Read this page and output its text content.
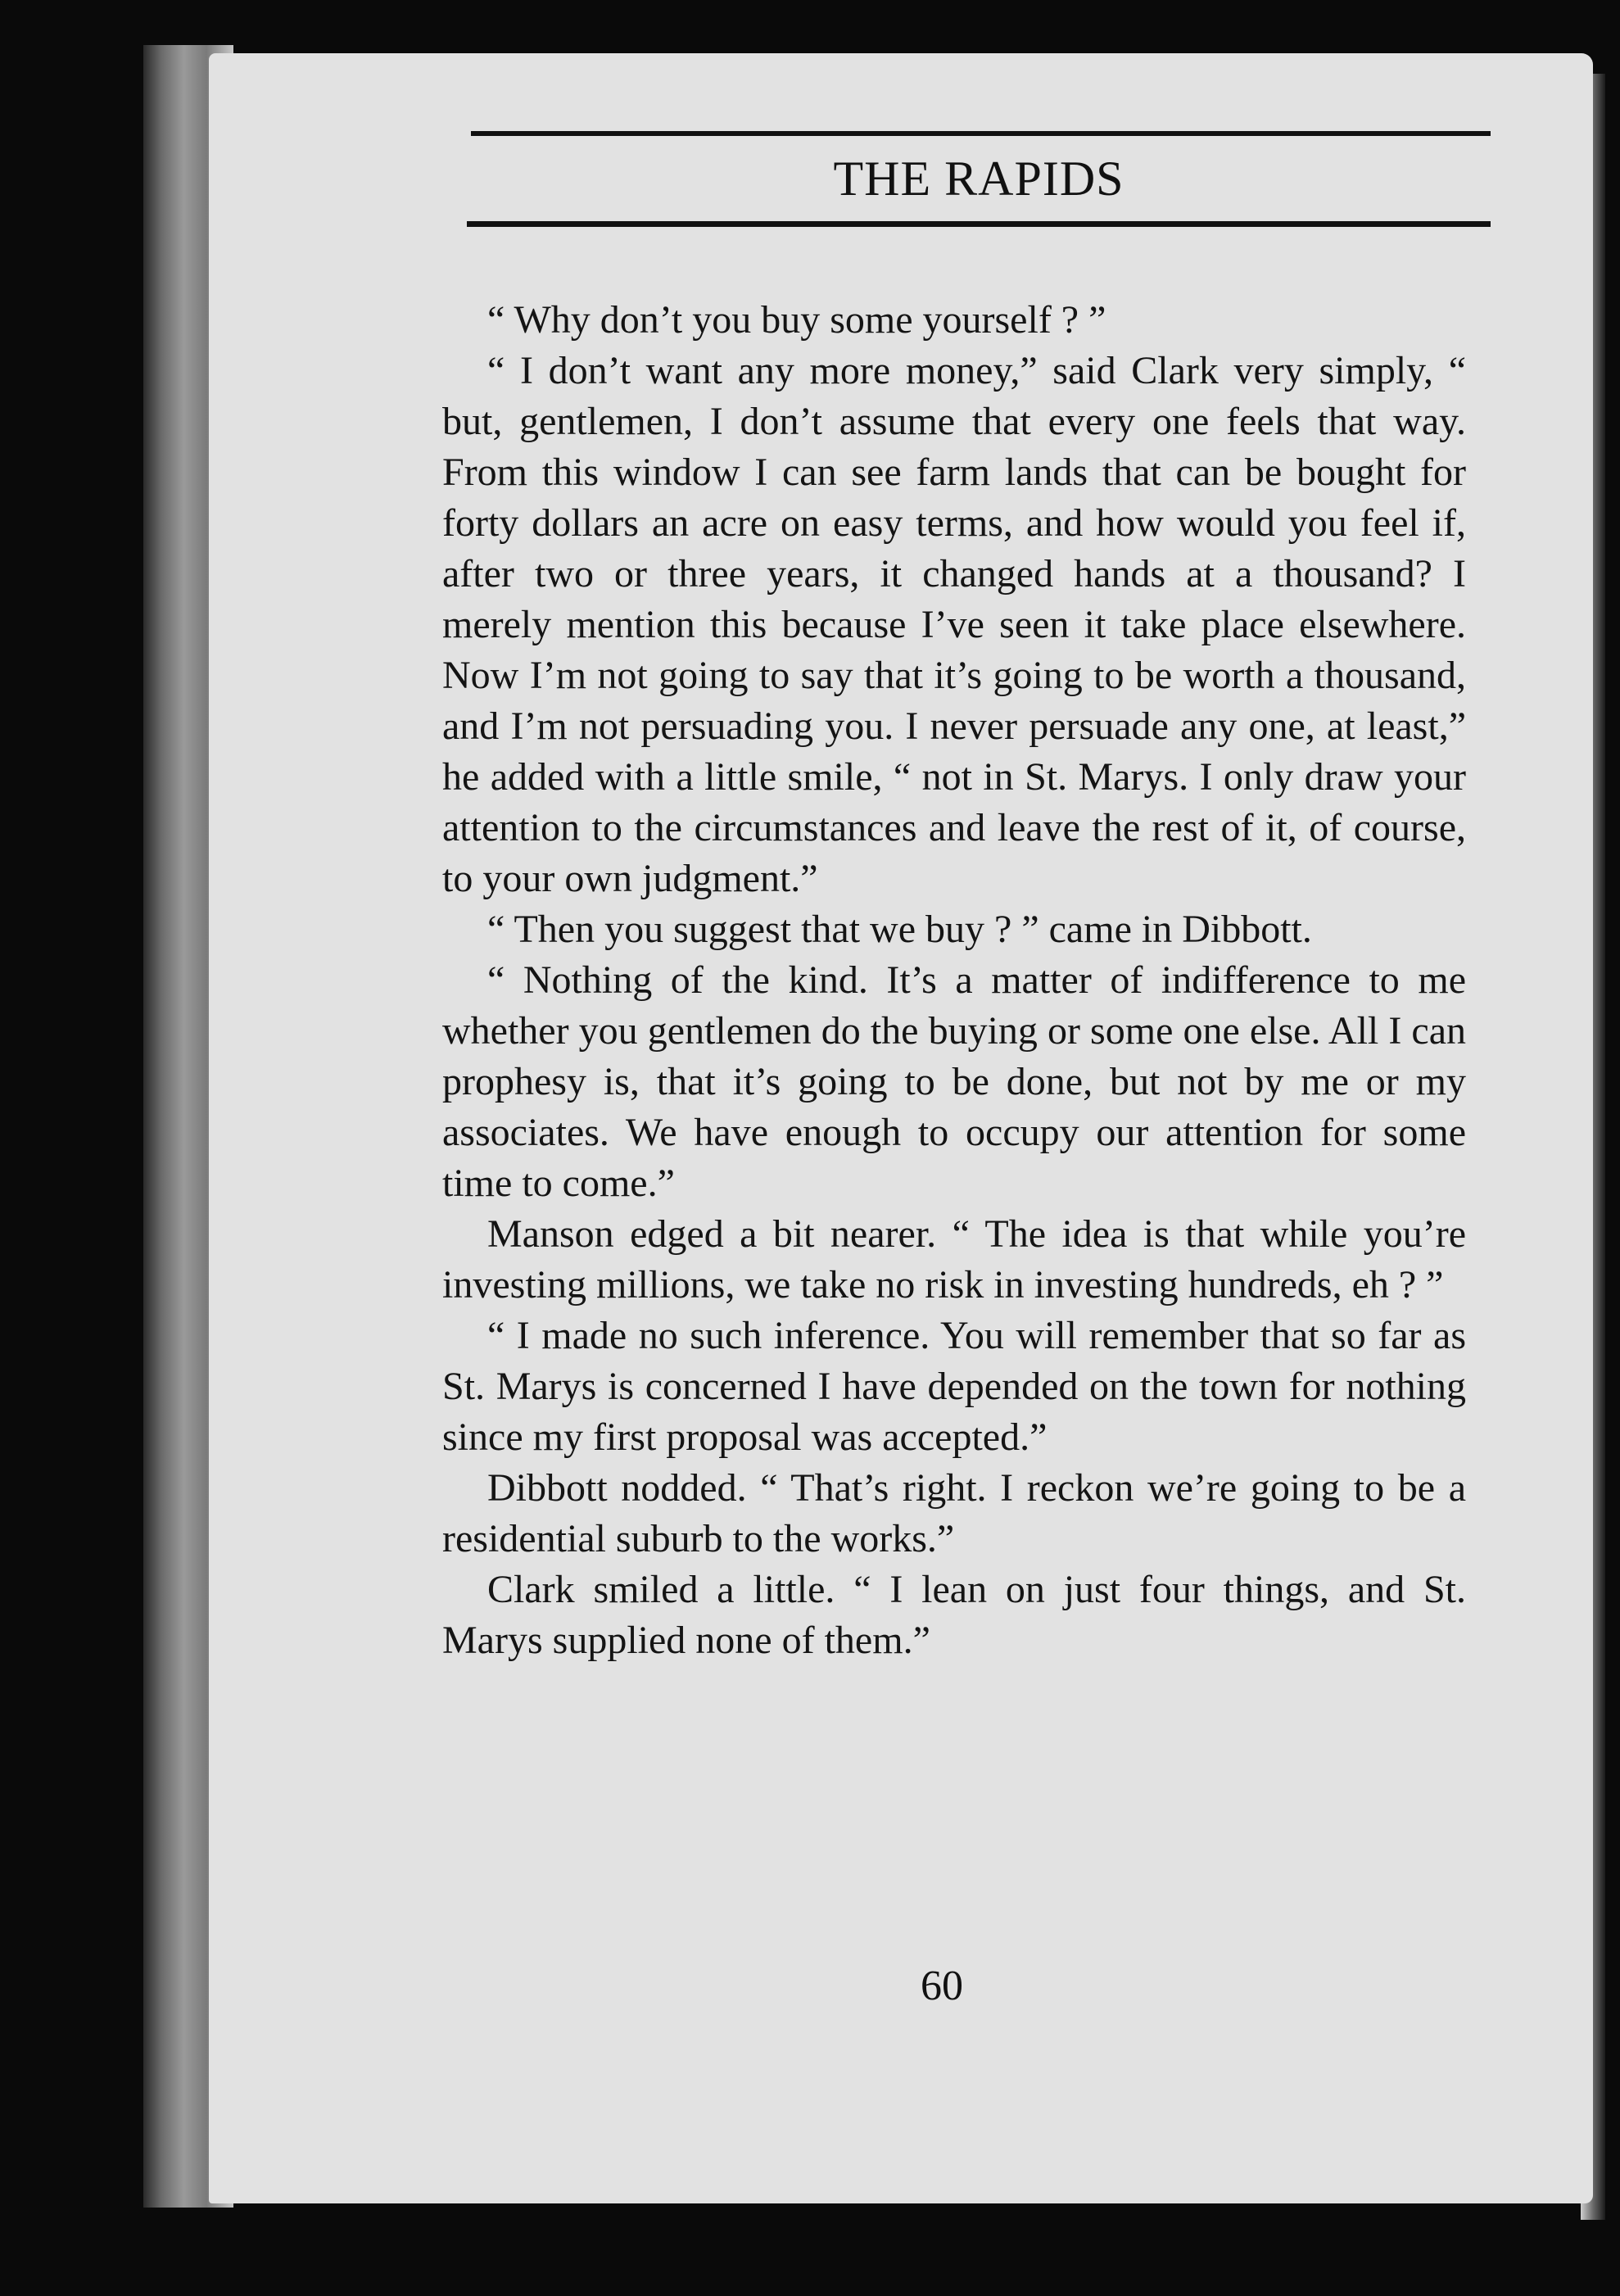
THE RAPIDS

“ Why don’t you buy some yourself ? ”

“ I don’t want any more money,” said Clark very simply, “ but, gentlemen, I don’t assume that every one feels that way. From this window I can see farm lands that can be bought for forty dollars an acre on easy terms, and how would you feel if, after two or three years, it changed hands at a thousand? I merely mention this because I’ve seen it take place elsewhere. Now I’m not going to say that it’s going to be worth a thousand, and I’m not persuading you. I never persuade any one, at least,” he added with a little smile, “ not in St. Marys. I only draw your attention to the circumstances and leave the rest of it, of course, to your own judgment.”

“ Then you suggest that we buy ? ” came in Dibbott.

“ Nothing of the kind. It’s a matter of indifference to me whether you gentlemen do the buying or some one else. All I can prophesy is, that it’s going to be done, but not by me or my associates. We have enough to occupy our attention for some time to come.”

Manson edged a bit nearer. “ The idea is that while you’re investing millions, we take no risk in investing hundreds, eh ? ”

“ I made no such inference. You will remember that so far as St. Marys is concerned I have depended on the town for nothing since my first proposal was accepted.”

Dibbott nodded. “ That’s right. I reckon we’re going to be a residential suburb to the works.”

Clark smiled a little. “ I lean on just four things, and St. Marys supplied none of them.”

60
